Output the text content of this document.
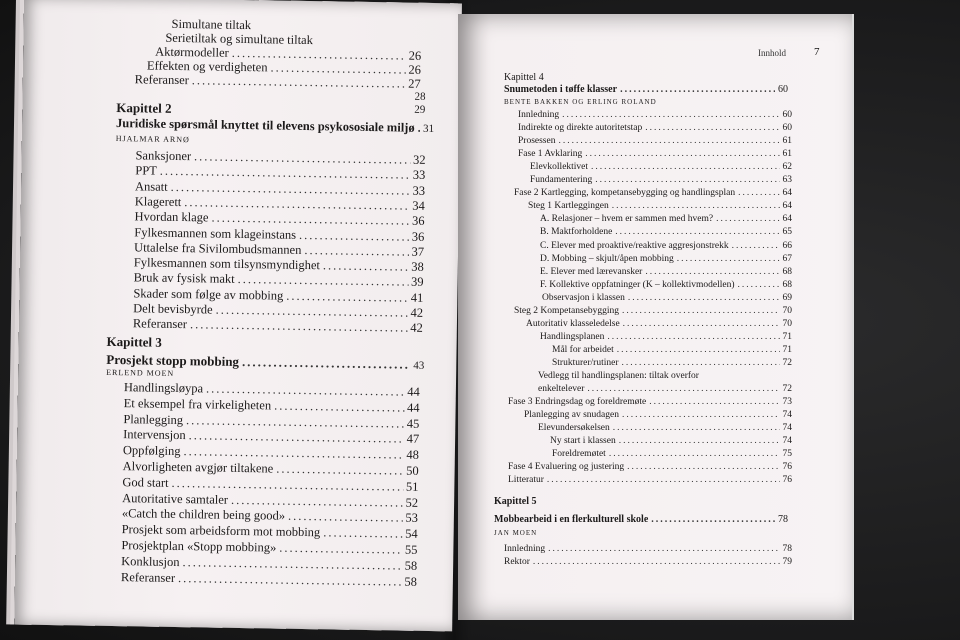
Simultane tiltak
Serietiltak og simultane tiltak
Aktørmodeller .....	26
Effekten og verdigheten .....	26
Referanser .....	27
28
29
Kapittel 2
Juridiske spørsmål knyttet til elevens psykososiale miljø ..... 31
HJALMAR ARNØ
Sanksjoner .....	32
PPT .....	33
Ansatt .....	33
Klagerett .....	34
Hvordan klage .....	36
Fylkesmannen som klageinstans .....	36
Uttalelse fra Sivilombudsmannen .....	37
Fylkesmannen som tilsynsmyndighet .....	38
Bruk av fysisk makt .....	39
Skader som følge av mobbing .....	41
Delt bevisbyrde .....	42
Referanser .....	42
Kapittel 3
Prosjekt stopp mobbing .....	43
ERLEND MOEN
Handlingsløypa .....	44
Et eksempel fra virkeligheten .....	44
Planlegging .....	45
Intervensjon .....	47
Oppfølging .....	48
Alvorligheten avgjør tiltakene .....	50
God start .....	51
Autoritative samtaler .....	52
«Catch the children being good» .....	53
Prosjekt som arbeidsform mot mobbing .....	54
Prosjektplan «Stopp mobbing» .....	55
Konklusjon .....	58
Referanser .....	58
Innhold	7
Kapittel 4
Snumetoden i tøffe klasser .....	60
BENTE BAKKEN OG ERLING ROLAND
Innledning .....	60
Indirekte og direkte autoritetstap .....	60
Prosessen .....	61
Fase 1 Avklaring .....	61
Elevkollektivet .....	62
Fundamentering .....	63
Fase 2 Kartlegging, kompetansebygging og handlingsplan .....	64
Steg 1 Kartleggingen .....	64
A. Relasjoner – hvem er sammen med hvem? .....	64
B. Maktforholdene .....	65
C. Elever med proaktive/reaktive aggresjonstrekk .....	66
D. Mobbing – skjult/åpen mobbing .....	67
E. Elever med lærevansker .....	68
F. Kollektive oppfatninger (K – kollektivmodellen) .....	68
Observasjon i klassen .....	69
Steg 2 Kompetansebygging .....	70
Autoritativ klasseledelse .....	70
Handlingsplanen .....	71
Mål for arbeidet .....	71
Strukturer/rutiner .....	72
Vedlegg til handlingsplanen: tiltak overfor
enkeltelever .....	72
Fase 3 Endringsdag og foreldremøte .....	73
Planlegging av snudagen .....	74
Elevundersøkelsen .....	74
Ny start i klassen .....	74
Foreldremøtet .....	75
Fase 4 Evaluering og justering .....	76
Litteratur .....	76
Kapittel 5
Mobbearbeid i en flerkulturell skole .....	78
JAN MOEN
Innledning .....	78
Rektor .....	79
